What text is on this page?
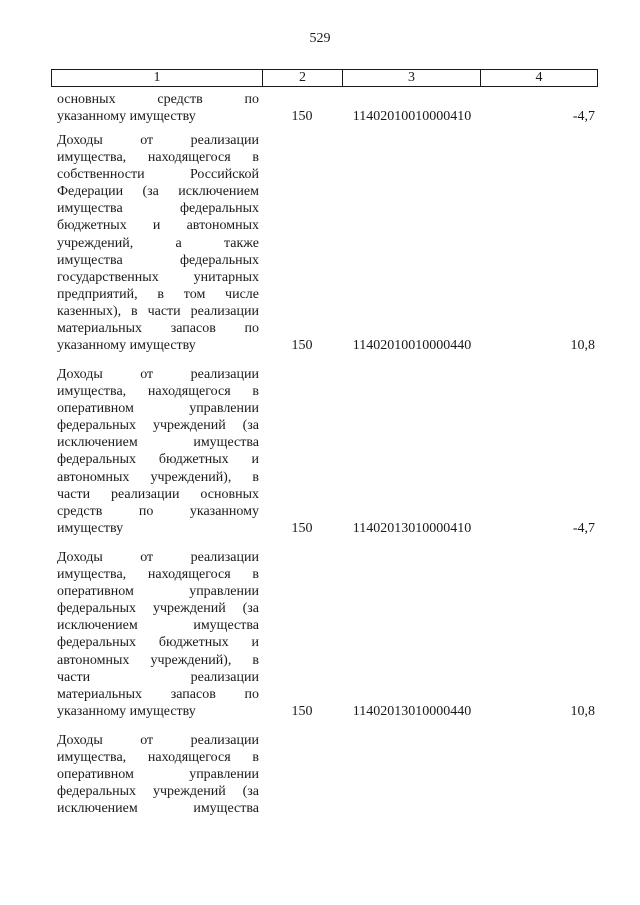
529
1	2	3	4
основных средств по
указанному имуществу	150	11402010010000410	-4,7
Доходы от реализации
имущества, находящегося в
собственности Российской
Федерации (за исключением
имущества федеральных
бюджетных и автономных
учреждений, а также
имущества федеральных
государственных унитарных
предприятий, в том числе
казенных), в части реализации
материальных запасов по
указанному имуществу	150	11402010010000440	10,8
Доходы от реализации
имущества, находящегося в
оперативном управлении
федеральных учреждений (за
исключением имущества
федеральных бюджетных и
автономных учреждений), в
части реализации основных
средств по указанному
имуществу	150	11402013010000410	-4,7
Доходы от реализации
имущества, находящегося в
оперативном управлении
федеральных учреждений (за
исключением имущества
федеральных бюджетных и
автономных учреждений), в
части реализации
материальных запасов по
указанному имуществу	150	11402013010000440	10,8
Доходы от реализации
имущества, находящегося в
оперативном управлении
федеральных учреждений (за
исключением имущества
